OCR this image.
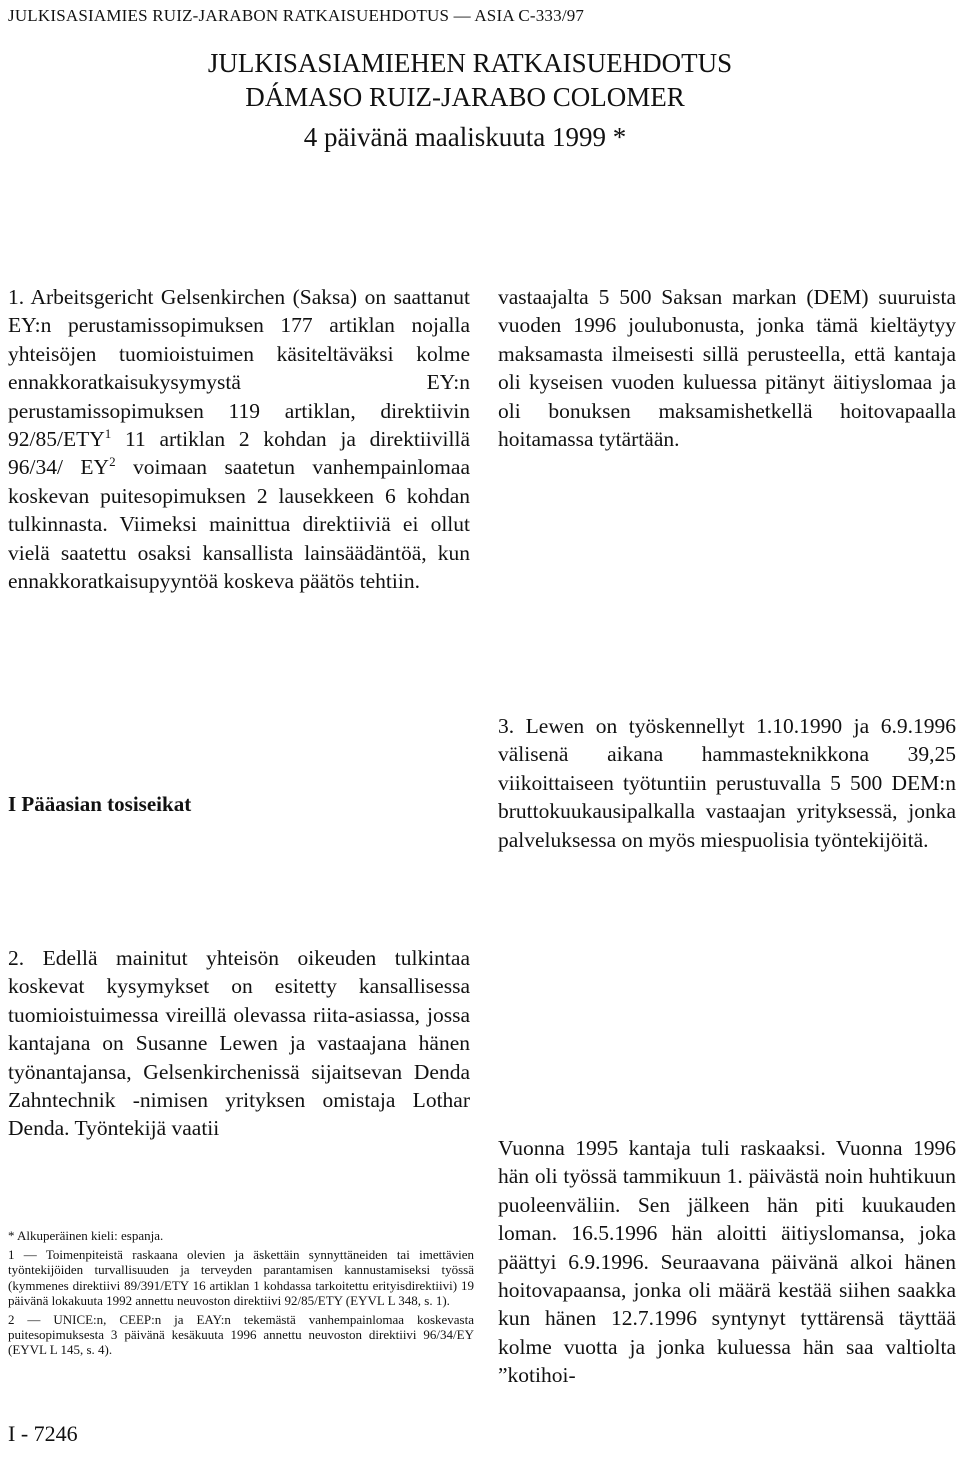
JULKISASIAMIES RUIZ-JARABON RATKAISUEHDOTUS — ASIA C-333/97
JULKISASIAMIEHEN RATKAISUEHDOTUS
DÁMASO RUIZ-JARABO COLOMER
4 päivänä maaliskuuta 1999 *

1. Arbeitsgericht Gelsenkirchen (Saksa) on saattanut EY:n perustamissopimuksen 177 artiklan nojalla yhteisöjen tuomioistuimen käsiteltäväksi kolme ennakkoratkaisukysymystä EY:n perustamissopimuksen 119 artiklan, direktiivin 92/85/ETY$^1$ 11 artiklan 2 kohdan ja direktiivillä 96/34/ $EY^2$ voimaan saatetun vanhempainlomaa koskevan puitesopimuksen 2 lausekkeen 6 kohdan tulkinnasta. Viimeksi mainittua direktiiviä ei ollut vielä saatettu osaksi kansallista lainsäädäntöä, kun ennakkoratkaisupyyntöä koskeva päätös tehtiin.

vastaajalta 5 500 Saksan markan (DEM) suuruista vuoden 1996 joulubonusta, jonka tämä kieltäytyy maksamasta ilmeisesti sillä perusteella, että kantaja oli kyseisen vuoden kuluessa pitänyt äitiyslomaa ja oli bonuksen maksamishetkellä hoitovapaalla hoitamassa tytärtään.

I Pääasian tosiseikat

3. Lewen on työskennellyt 1.10.1990 ja 6.9.1996 välisenä aikana hammasteknikkona 39,25 viikoittaiseen työtuntiin perustuvalla 5 500 DEM:n bruttokuukausipalkalla vastaajan yrityksessä, jonka palveluksessa on myös miespuolisia työntekijöitä.

2. Edellä mainitut yhteisön oikeuden tulkintaa koskevat kysymykset on esitetty kansallisessa tuomioistuimessa vireillä olevassa riita-asiassa, jossa kantajana on Susanne Lewen ja vastaajana hänen työnantajansa, Gelsenkirchenissä sijaitsevan Denda Zahntechnik -nimisen yrityksen omistaja Lothar Denda. Työntekijä vaatii

Vuonna 1995 kantaja tuli raskaaksi. Vuonna 1996 hän oli työssä tammikuun 1. päivästä noin huhtikuun puoleenväliin. Sen jälkeen hän piti kuukauden loman. 16.5.1996 hän aloitti äitiyslomansa, joka päättyi 6.9.1996. Seuraavana päivänä alkoi hänen hoitovapaansa, jonka oli määrä kestää siihen saakka kun hänen 12.7.1996 syntynyt tyttärensä täyttää kolme vuotta ja jonka kuluessa hän saa valtiolta ”kotihoi-

* Alkuperäinen kieli: espanja.

1 — Toimenpiteistä raskaana olevien ja äskettäin synnyttäneiden tai imettävien työntekijöiden turvallisuuden ja terveyden parantamisen kannustamiseksi työssä (kymmenes direktiivi 89/391/ETY 16 artiklan 1 kohdassa tarkoitettu erityisdirektiivi) 19 päivänä lokakuuta 1992 annettu neuvoston direktiivi 92/85/ETY (EYVL L 348, s. 1).

2 — UNICE:n, CEEP:n ja EAY:n tekemästä vanhempainlomaa koskevasta puitesopimuksesta 3 päivänä kesäkuuta 1996 annettu neuvoston direktiivi 96/34/EY (EYVL L 145, s. 4).

I - 7246
